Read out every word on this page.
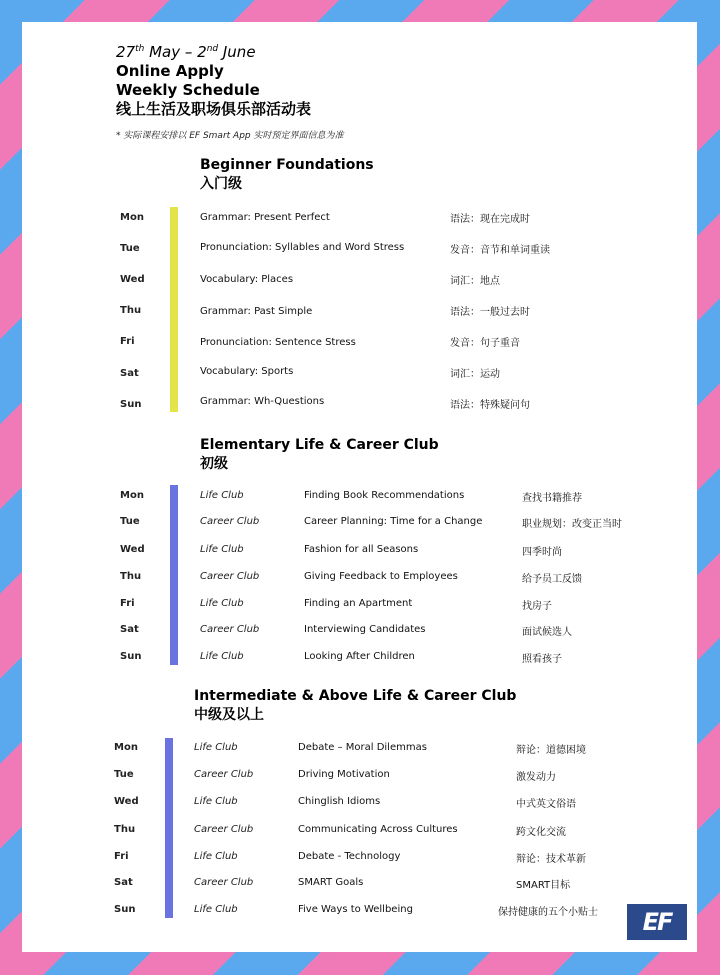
27th May – 2nd June
Online Apply
Weekly Schedule
线上生活及职场俱乐部活动表
* 实际课程安排以 EF Smart App 实时预定界面信息为准
Beginner Foundations
入门级
Mon	Grammar: Present Perfect	语法：现在完成时
Tue	Pronunciation: Syllables and Word Stress	发音：音节和单词重读
Wed	Vocabulary: Places	词汇：地点
Thu	Grammar: Past Simple	语法：一般过去时
Fri	Pronunciation: Sentence Stress	发音：句子重音
Sat	Vocabulary: Sports	词汇：运动
Sun	Grammar: Wh-Questions	语法：特殊疑问句
Elementary Life & Career Club
初级
Mon	Life Club	Finding Book Recommendations	查找书籍推荐
Tue	Career Club	Career Planning: Time for a Change	职业规划：改变正当时
Wed	Life Club	Fashion for all Seasons	四季时尚
Thu	Career Club	Giving Feedback to Employees	给予员工反馈
Fri	Life Club	Finding an Apartment	找房子
Sat	Career Club	Interviewing Candidates	面试候选人
Sun	Life Club	Looking After Children	照看孩子
Intermediate & Above Life & Career Club
中级及以上
Mon	Life Club	Debate – Moral Dilemmas	辩论：道德困境
Tue	Career Club	Driving Motivation	激发动力
Wed	Life Club	Chinglish Idioms	中式英文俗语
Thu	Career Club	Communicating Across Cultures	跨文化交流
Fri	Life Club	Debate - Technology	辩论：技术革新
Sat	Career Club	SMART Goals	SMART目标
Sun	Life Club	Five Ways to Wellbeing	保持健康的五个小贴士 EF
